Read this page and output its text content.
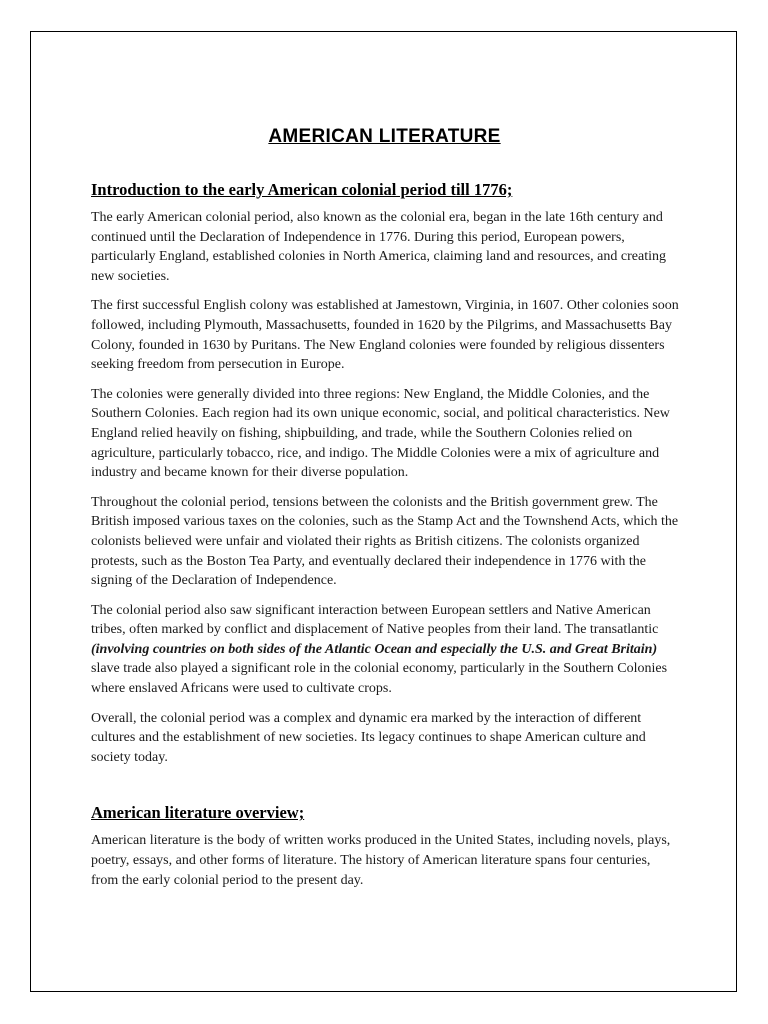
AMERICAN LITERATURE
Introduction to the early American colonial period till 1776;

The early American colonial period, also known as the colonial era, began in the late 16th century and continued until the Declaration of Independence in 1776. During this period, European powers, particularly England, established colonies in North America, claiming land and resources, and creating new societies.

The first successful English colony was established at Jamestown, Virginia, in 1607. Other colonies soon followed, including Plymouth, Massachusetts, founded in 1620 by the Pilgrims, and Massachusetts Bay Colony, founded in 1630 by Puritans. The New England colonies were founded by religious dissenters seeking freedom from persecution in Europe.

The colonies were generally divided into three regions: New England, the Middle Colonies, and the Southern Colonies. Each region had its own unique economic, social, and political characteristics. New England relied heavily on fishing, shipbuilding, and trade, while the Southern Colonies relied on agriculture, particularly tobacco, rice, and indigo. The Middle Colonies were a mix of agriculture and industry and became known for their diverse population.

Throughout the colonial period, tensions between the colonists and the British government grew. The British imposed various taxes on the colonies, such as the Stamp Act and the Townshend Acts, which the colonists believed were unfair and violated their rights as British citizens. The colonists organized protests, such as the Boston Tea Party, and eventually declared their independence in 1776 with the signing of the Declaration of Independence.

The colonial period also saw significant interaction between European settlers and Native American tribes, often marked by conflict and displacement of Native peoples from their land. The transatlantic (involving countries on both sides of the Atlantic Ocean and especially the U.S. and Great Britain) slave trade also played a significant role in the colonial economy, particularly in the Southern Colonies where enslaved Africans were used to cultivate crops.

Overall, the colonial period was a complex and dynamic era marked by the interaction of different cultures and the establishment of new societies. Its legacy continues to shape American culture and society today.

American literature overview;

American literature is the body of written works produced in the United States, including novels, plays, poetry, essays, and other forms of literature. The history of American literature spans four centuries, from the early colonial period to the present day.
